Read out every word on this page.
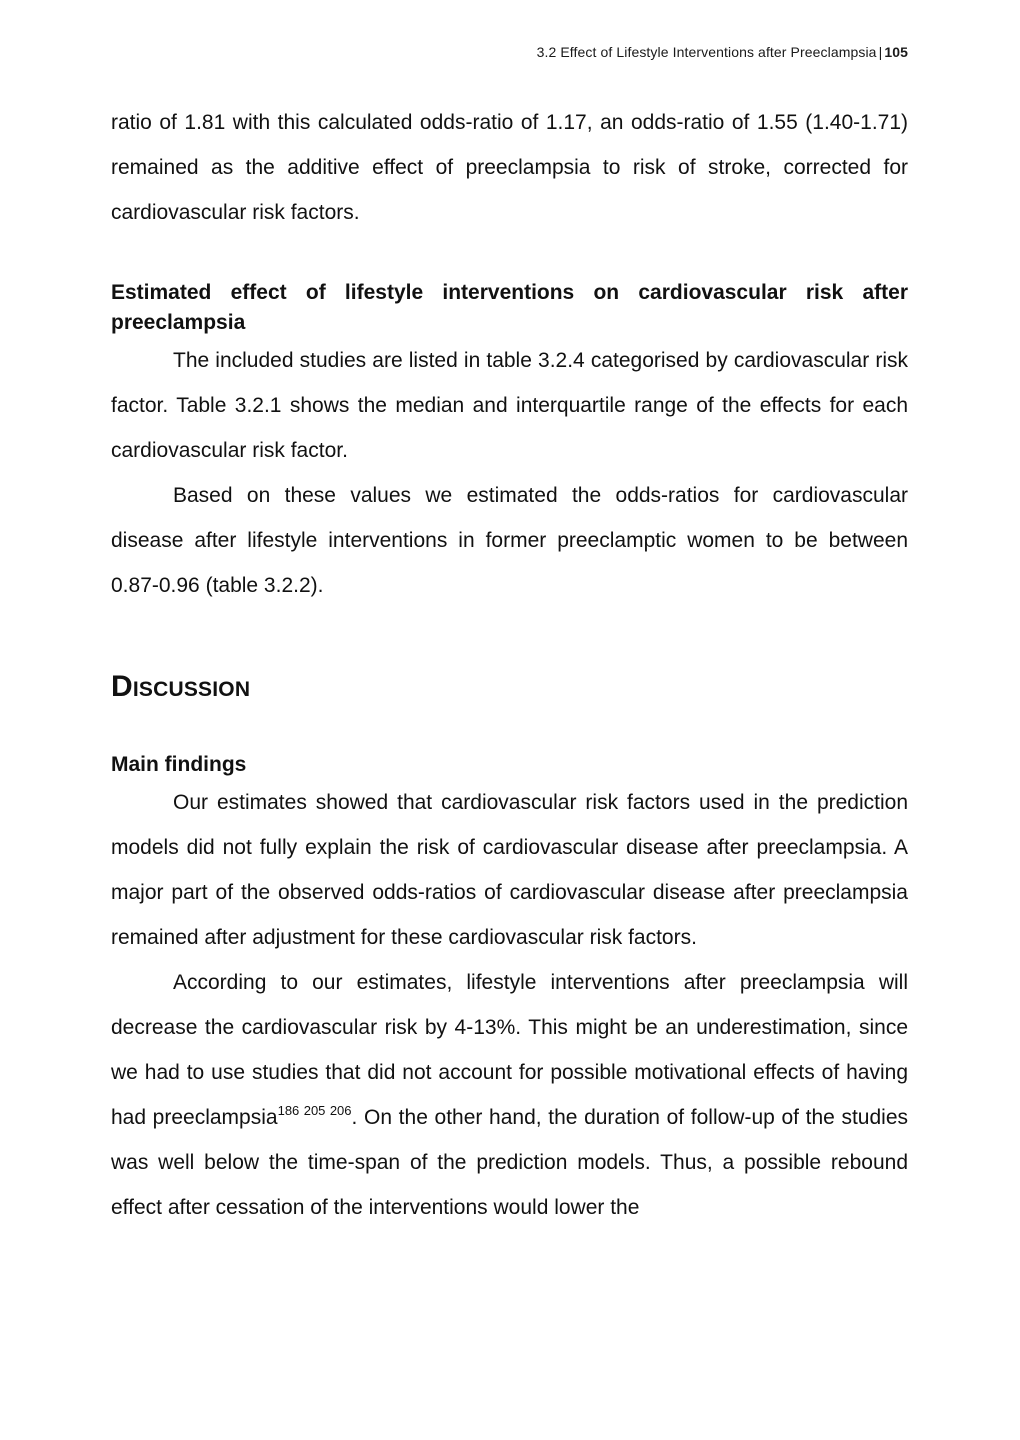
3.2 Effect of Lifestyle Interventions after Preeclampsia | 105

ratio of 1.81 with this calculated odds-ratio of 1.17, an odds-ratio of 1.55 (1.40-1.71) remained as the additive effect of preeclampsia to risk of stroke, corrected for cardiovascular risk factors.

Estimated effect of lifestyle interventions on cardiovascular risk after preeclampsia

The included studies are listed in table 3.2.4 categorised by cardiovascular risk factor. Table 3.2.1 shows the median and interquartile range of the effects for each cardiovascular risk factor.

Based on these values we estimated the odds-ratios for cardiovascular disease after lifestyle interventions in former preeclamptic women to be between 0.87-0.96 (table 3.2.2).

Discussion
Main findings

Our estimates showed that cardiovascular risk factors used in the prediction models did not fully explain the risk of cardiovascular disease after preeclampsia. A major part of the observed odds-ratios of cardiovascular disease after preeclampsia remained after adjustment for these cardiovascular risk factors.

According to our estimates, lifestyle interventions after preeclampsia will decrease the cardiovascular risk by 4-13%. This might be an underestimation, since we had to use studies that did not account for possible motivational effects of having had preeclampsia$^{186 205 206}$. On the other hand, the duration of follow-up of the studies was well below the time-span of the prediction models. Thus, a possible rebound effect after cessation of the interventions would lower the
